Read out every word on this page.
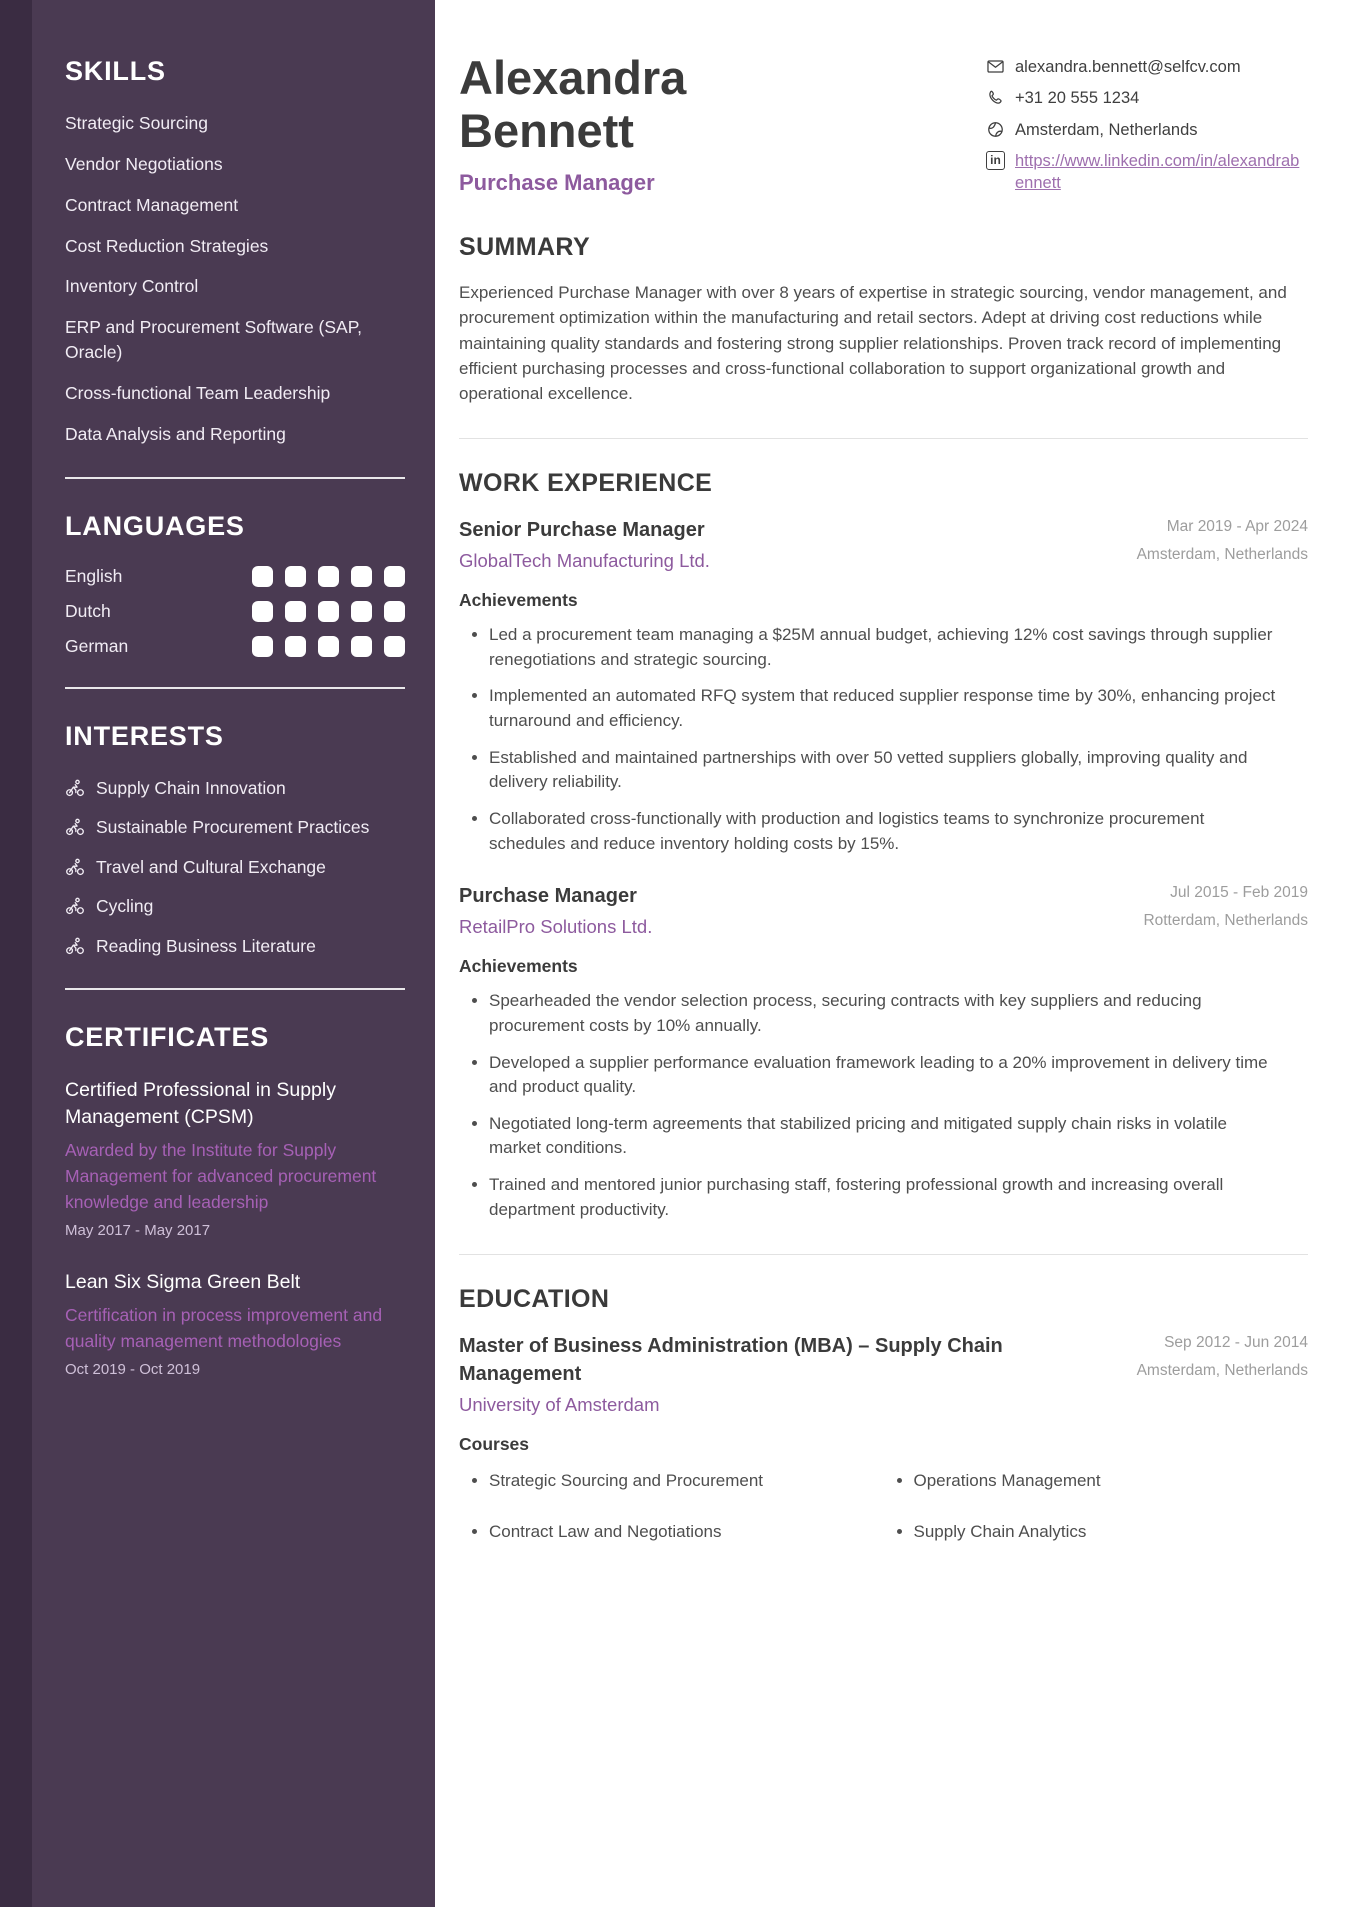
SKILLS
Strategic Sourcing
Vendor Negotiations
Contract Management
Cost Reduction Strategies
Inventory Control
ERP and Procurement Software (SAP, Oracle)
Cross-functional Team Leadership
Data Analysis and Reporting
LANGUAGES
English
Dutch
German
INTERESTS
Supply Chain Innovation
Sustainable Procurement Practices
Travel and Cultural Exchange
Cycling
Reading Business Literature
CERTIFICATES
Certified Professional in Supply Management (CPSM)
Awarded by the Institute for Supply Management for advanced procurement knowledge and leadership
May 2017 - May 2017
Lean Six Sigma Green Belt
Certification in process improvement and quality management methodologies
Oct 2019 - Oct 2019
Alexandra Bennett
Purchase Manager
alexandra.bennett@selfcv.com
+31 20 555 1234
Amsterdam, Netherlands
in https://www.linkedin.com/in/alexandrabennett
SUMMARY

Experienced Purchase Manager with over 8 years of expertise in strategic sourcing, vendor management, and procurement optimization within the manufacturing and retail sectors. Adept at driving cost reductions while maintaining quality standards and fostering strong supplier relationships. Proven track record of implementing efficient purchasing processes and cross-functional collaboration to support organizational growth and operational excellence.

WORK EXPERIENCE
Senior Purchase Manager
GlobalTech Manufacturing Ltd.
Mar 2019 - Apr 2024
Amsterdam, Netherlands
Achievements
• Led a procurement team managing a $25M annual budget, achieving 12% cost savings through supplier renegotiations and strategic sourcing.
• Implemented an automated RFQ system that reduced supplier response time by 30%, enhancing project turnaround and efficiency.
• Established and maintained partnerships with over 50 vetted suppliers globally, improving quality and delivery reliability.
• Collaborated cross-functionally with production and logistics teams to synchronize procurement schedules and reduce inventory holding costs by 15%.
Purchase Manager
RetailPro Solutions Ltd.
Jul 2015 - Feb 2019
Rotterdam, Netherlands
Achievements
• Spearheaded the vendor selection process, securing contracts with key suppliers and reducing procurement costs by 10% annually.
• Developed a supplier performance evaluation framework leading to a 20% improvement in delivery time and product quality.
• Negotiated long-term agreements that stabilized pricing and mitigated supply chain risks in volatile market conditions.
• Trained and mentored junior purchasing staff, fostering professional growth and increasing overall department productivity.
EDUCATION
Master of Business Administration (MBA) – Supply Chain Management
University of Amsterdam
Sep 2012 - Jun 2014
Amsterdam, Netherlands
Courses
• Strategic Sourcing and Procurement
• Contract Law and Negotiations
• Operations Management
• Supply Chain Analytics
